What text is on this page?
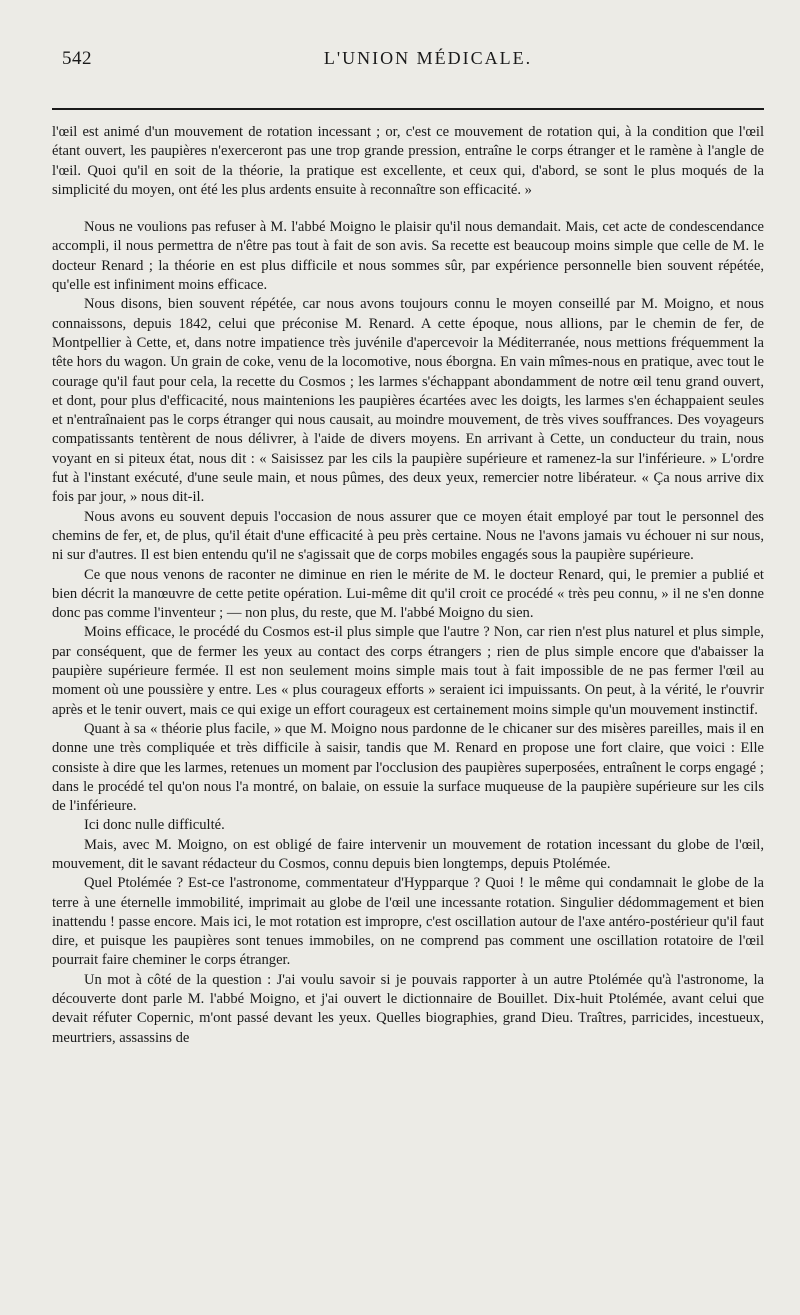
542	L'UNION MÉDICALE.

l'œil est animé d'un mouvement de rotation incessant ; or, c'est ce mouvement de rotation qui, à la condition que l'œil étant ouvert, les paupières n'exerceront pas une trop grande pression, entraîne le corps étranger et le ramène à l'angle de l'œil. Quoi qu'il en soit de la théorie, la pratique est excellente, et ceux qui, d'abord, se sont le plus moqués de la simplicité du moyen, ont été les plus ardents ensuite à reconnaître son efficacité. »

Nous ne voulions pas refuser à M. l'abbé Moigno le plaisir qu'il nous demandait. Mais, cet acte de condescendance accompli, il nous permettra de n'être pas tout à fait de son avis. Sa recette est beaucoup moins simple que celle de M. le docteur Renard ; la théorie en est plus difficile et nous sommes sûr, par expérience personnelle bien souvent répétée, qu'elle est infiniment moins efficace.

Nous disons, bien souvent répétée, car nous avons toujours connu le moyen conseillé par M. Moigno, et nous connaissons, depuis 1842, celui que préconise M. Renard. A cette époque, nous allions, par le chemin de fer, de Montpellier à Cette, et, dans notre impatience très juvénile d'apercevoir la Méditerranée, nous mettions fréquemment la tête hors du wagon. Un grain de coke, venu de la locomotive, nous éborgna. En vain mîmes-nous en pratique, avec tout le courage qu'il faut pour cela, la recette du Cosmos ; les larmes s'échappant abondamment de notre œil tenu grand ouvert, et dont, pour plus d'efficacité, nous maintenions les paupières écartées avec les doigts, les larmes s'en échappaient seules et n'entraînaient pas le corps étranger qui nous causait, au moindre mouvement, de très vives souffrances. Des voyageurs compatissants tentèrent de nous délivrer, à l'aide de divers moyens. En arrivant à Cette, un conducteur du train, nous voyant en si piteux état, nous dit : « Saisissez par les cils la paupière supérieure et ramenez-la sur l'inférieure. » L'ordre fut à l'instant exécuté, d'une seule main, et nous pûmes, des deux yeux, remercier notre libérateur. « Ça nous arrive dix fois par jour, » nous dit-il.

Nous avons eu souvent depuis l'occasion de nous assurer que ce moyen était employé par tout le personnel des chemins de fer, et, de plus, qu'il était d'une efficacité à peu près certaine. Nous ne l'avons jamais vu échouer ni sur nous, ni sur d'autres. Il est bien entendu qu'il ne s'agissait que de corps mobiles engagés sous la paupière supérieure.

Ce que nous venons de raconter ne diminue en rien le mérite de M. le docteur Renard, qui, le premier a publié et bien décrit la manœuvre de cette petite opération. Lui-même dit qu'il croit ce procédé « très peu connu, » il ne s'en donne donc pas comme l'inventeur ; — non plus, du reste, que M. l'abbé Moigno du sien.

Moins efficace, le procédé du Cosmos est-il plus simple que l'autre ? Non, car rien n'est plus naturel et plus simple, par conséquent, que de fermer les yeux au contact des corps étrangers ; rien de plus simple encore que d'abaisser la paupière supérieure fermée. Il est non seulement moins simple mais tout à fait impossible de ne pas fermer l'œil au moment où une poussière y entre. Les « plus courageux efforts » seraient ici impuissants. On peut, à la vérité, le r'ouvrir après et le tenir ouvert, mais ce qui exige un effort courageux est certainement moins simple qu'un mouvement instinctif.

Quant à sa « théorie plus facile, » que M. Moigno nous pardonne de le chicaner sur des misères pareilles, mais il en donne une très compliquée et très difficile à saisir, tandis que M. Renard en propose une fort claire, que voici : Elle consiste à dire que les larmes, retenues un moment par l'occlusion des paupières superposées, entraînent le corps engagé ; dans le procédé tel qu'on nous l'a montré, on balaie, on essuie la surface muqueuse de la paupière supérieure sur les cils de l'inférieure.

Ici donc nulle difficulté.

Mais, avec M. Moigno, on est obligé de faire intervenir un mouvement de rotation incessant du globe de l'œil, mouvement, dit le savant rédacteur du Cosmos, connu depuis bien longtemps, depuis Ptolémée.

Quel Ptolémée ? Est-ce l'astronome, commentateur d'Hypparque ? Quoi ! le même qui condamnait le globe de la terre à une éternelle immobilité, imprimait au globe de l'œil une incessante rotation. Singulier dédommagement et bien inattendu ! passe encore. Mais ici, le mot rotation est impropre, c'est oscillation autour de l'axe antéro-postérieur qu'il faut dire, et puisque les paupières sont tenues immobiles, on ne comprend pas comment une oscillation rotatoire de l'œil pourrait faire cheminer le corps étranger.

Un mot à côté de la question : J'ai voulu savoir si je pouvais rapporter à un autre Ptolémée qu'à l'astronome, la découverte dont parle M. l'abbé Moigno, et j'ai ouvert le dictionnaire de Bouillet. Dix-huit Ptolémée, avant celui que devait réfuter Copernic, m'ont passé devant les yeux. Quelles biographies, grand Dieu. Traîtres, parricides, incestueux, meurtriers, assassins de
